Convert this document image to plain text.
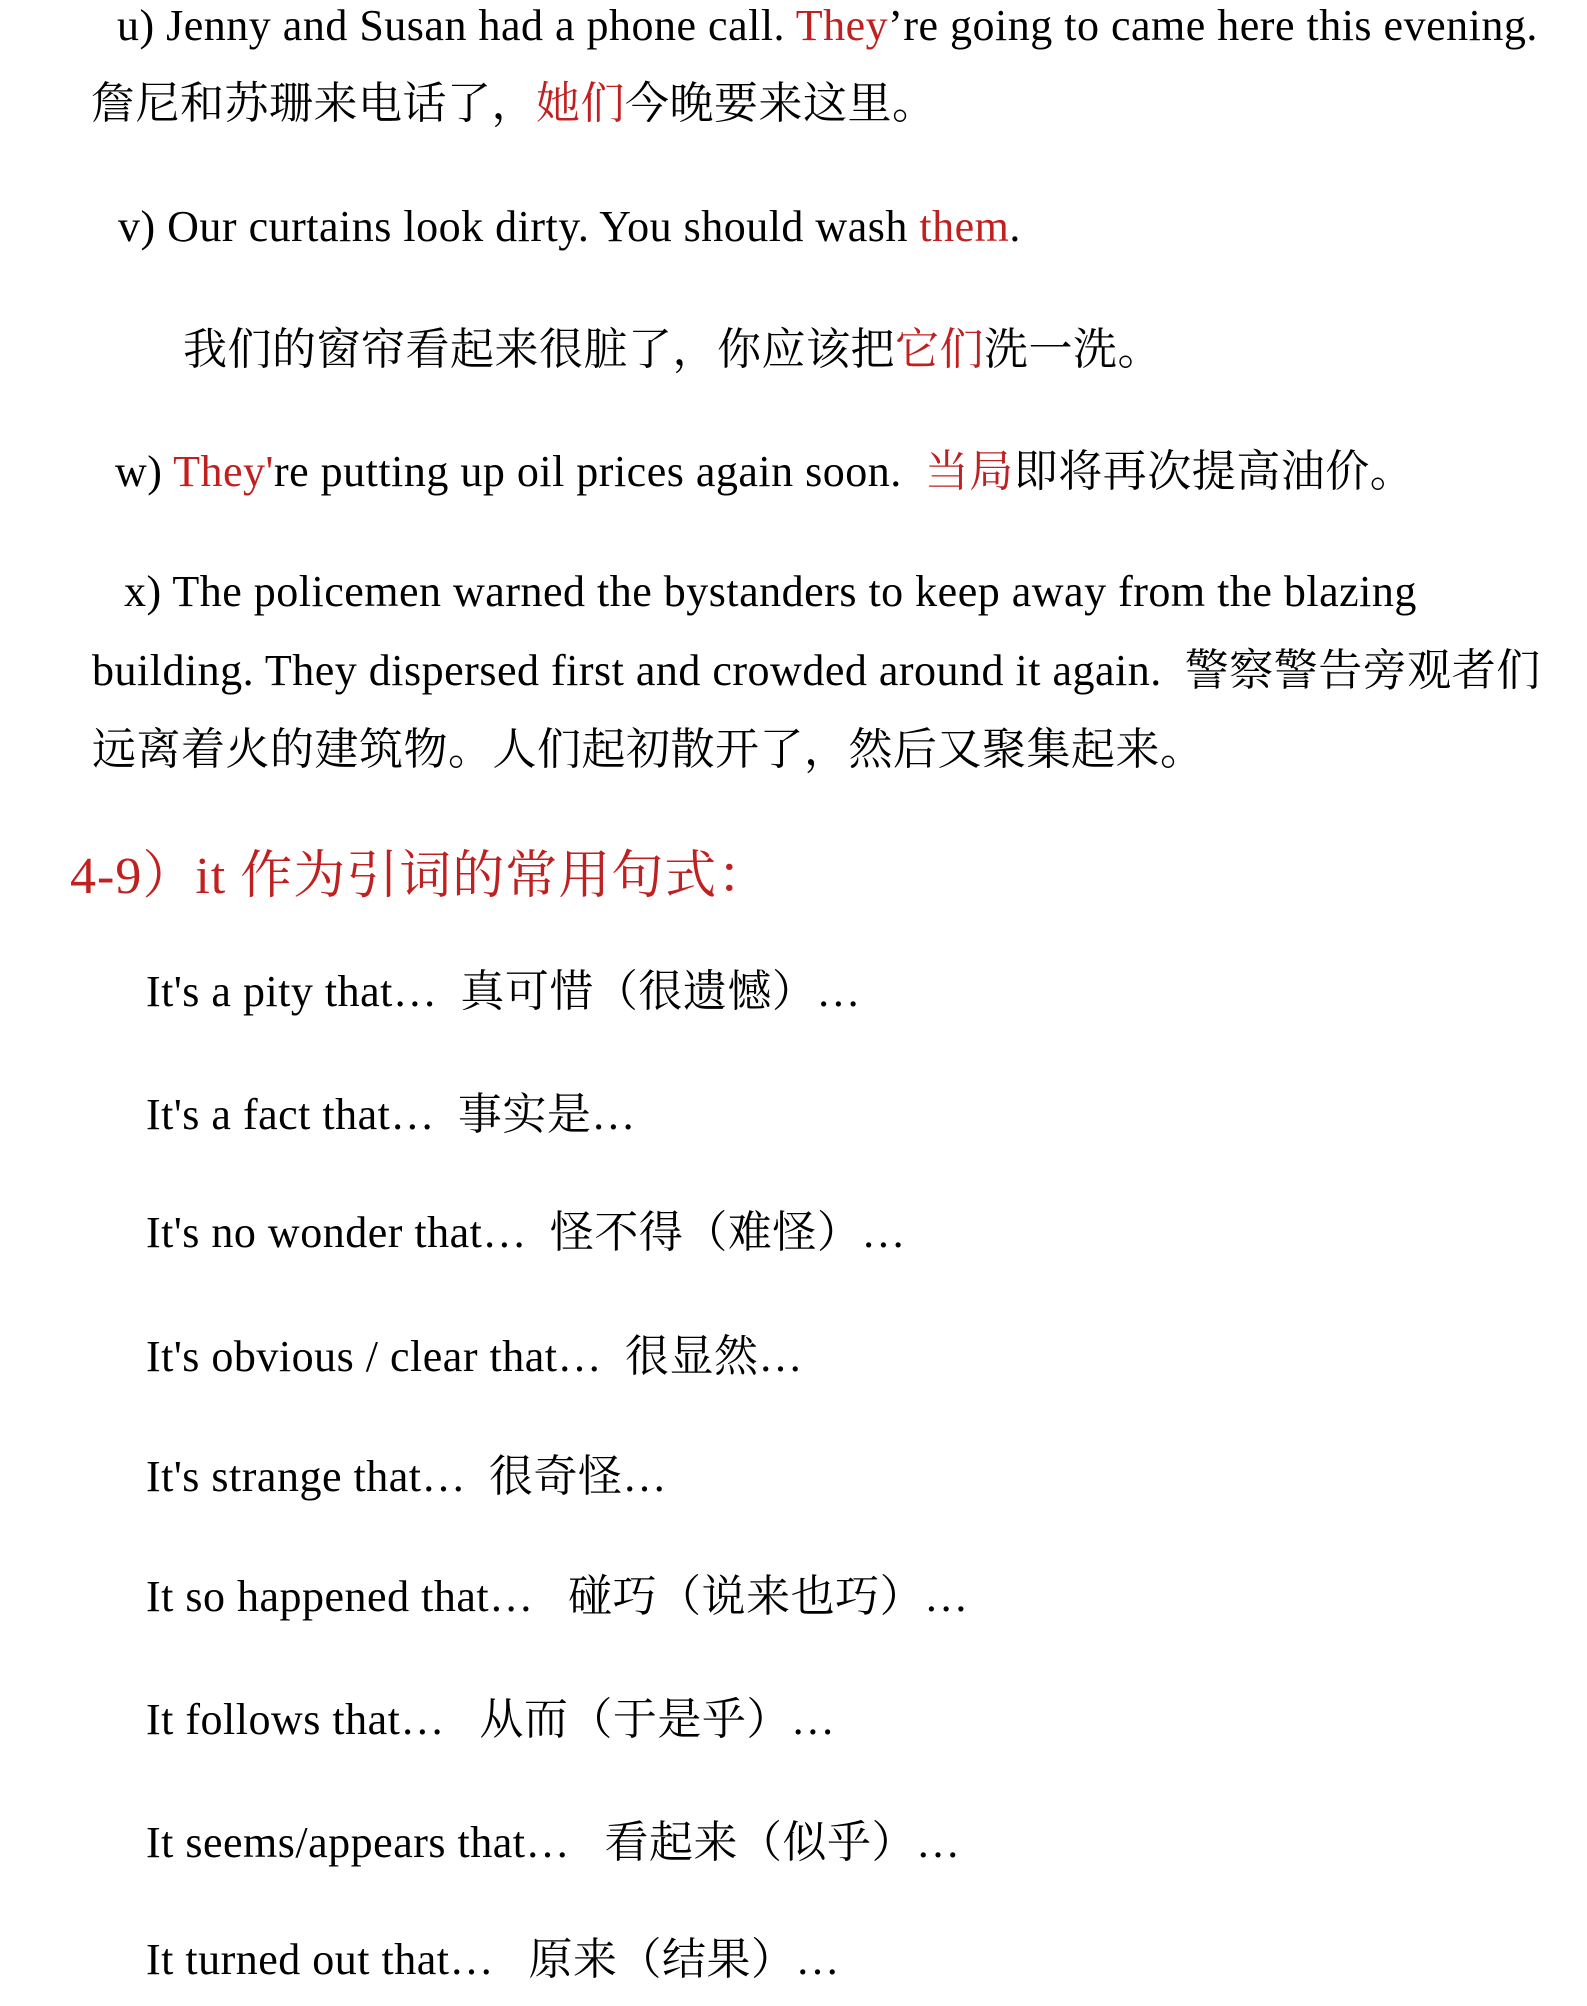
u) Jenny and Susan had a phone call. They’re going to came here this evening.
詹尼和苏珊来电话了，她们今晚要来这里。
v) Our curtains look dirty. You should wash them.
我们的窗帘看起来很脏了，你应该把它们洗一洗。
w) They're putting up oil prices again soon.  当局即将再次提高油价。
x) The policemen warned the bystanders to keep away from the blazing
building. They dispersed first and crowded around it again.  警察警告旁观者们
远离着火的建筑物。人们起初散开了，然后又聚集起来。
4-9）it 作为引词的常用句式：
It's a pity that…  真可惜（很遗憾）…
It's a fact that…  事实是…
It's no wonder that…  怪不得（难怪）…
It's obvious / clear that…  很显然…
It's strange that…  很奇怪…
It so happened that…   碰巧（说来也巧）…
It follows that…   从而（于是乎）…
It seems/appears that…   看起来（似乎）…
It turned out that…   原来（结果）…
